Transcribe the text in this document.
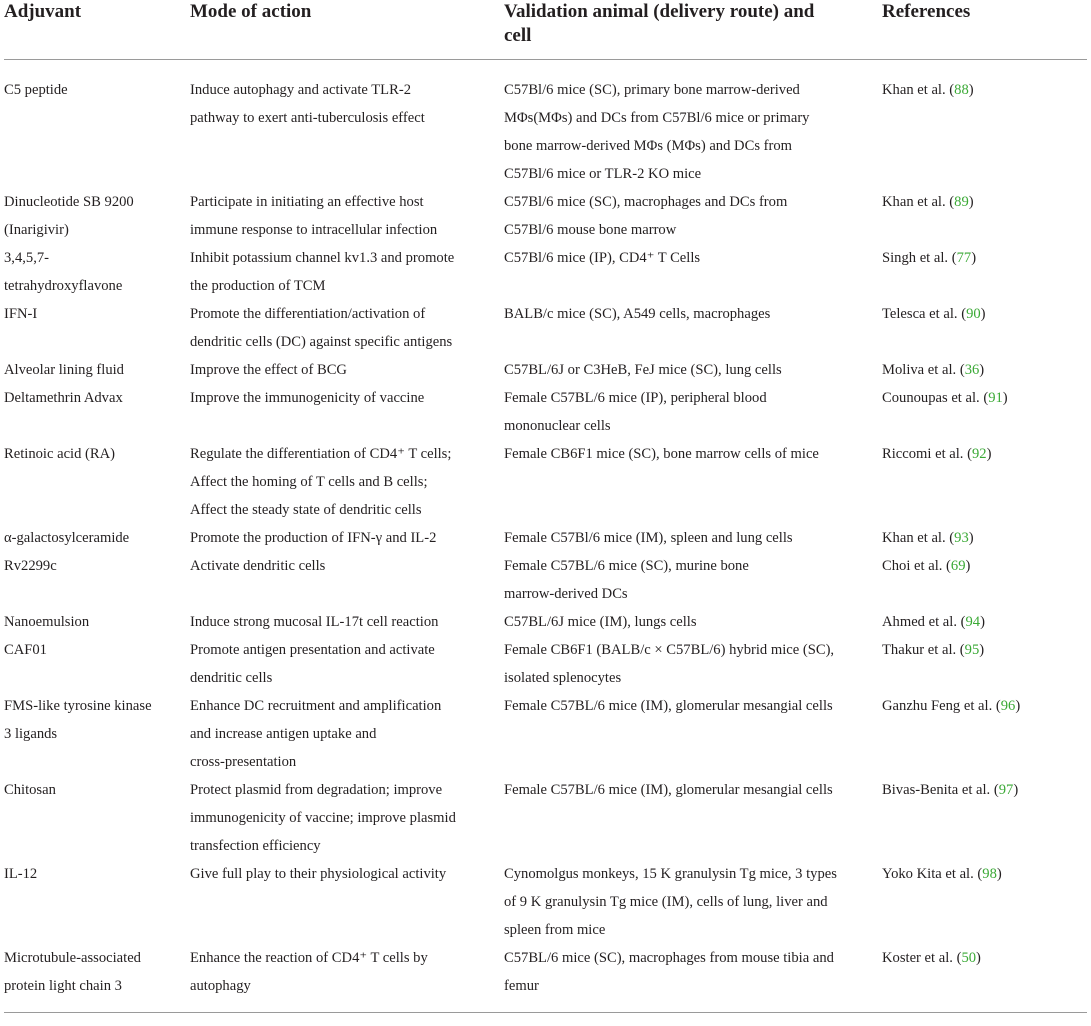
Adjuvant	Mode of action	Validation animal (delivery route) and
cell	References

C5 peptide	Induce autophagy and activate TLR-2
pathway to exert anti-tuberculosis effect	C57Bl/6 mice (SC), primary bone marrow-derived
MΦs(MΦs) and DCs from C57Bl/6 mice or primary
bone marrow-derived MΦs (MΦs) and DCs from
C57Bl/6 mice or TLR-2 KO mice	Khan et al. (88)

Dinucleotide SB 9200
(Inarigivir)	Participate in initiating an effective host
immune response to intracellular infection	C57Bl/6 mice (SC), macrophages and DCs from
C57Bl/6 mouse bone marrow	Khan et al. (89)

3,4,5,7-
tetrahydroxyflavone	Inhibit potassium channel kv1.3 and promote
the production of TCM	C57Bl/6 mice (IP), CD4⁺ T Cells	Singh et al. (77)

IFN-I	Promote the differentiation/activation of
dendritic cells (DC) against specific antigens	BALB/c mice (SC), A549 cells, macrophages	Telesca et al. (90)

Alveolar lining fluid	Improve the effect of BCG	C57BL/6J or C3HeB, FeJ mice (SC), lung cells	Moliva et al. (36)

Deltamethrin Advax	Improve the immunogenicity of vaccine	Female C57BL/6 mice (IP), peripheral blood
mononuclear cells	Counoupas et al. (91)

Retinoic acid (RA)	Regulate the differentiation of CD4⁺ T cells;
Affect the homing of T cells and B cells;
Affect the steady state of dendritic cells	Female CB6F1 mice (SC), bone marrow cells of mice	Riccomi et al. (92)

α-galactosylceramide	Promote the production of IFN-γ and IL-2	Female C57Bl/6 mice (IM), spleen and lung cells	Khan et al. (93)

Rv2299c	Activate dendritic cells	Female C57BL/6 mice (SC), murine bone
marrow-derived DCs	Choi et al. (69)

Nanoemulsion	Induce strong mucosal IL-17t cell reaction	C57BL/6J mice (IM), lungs cells	Ahmed et al. (94)

CAF01	Promote antigen presentation and activate
dendritic cells	Female CB6F1 (BALB/c × C57BL/6) hybrid mice (SC),
isolated splenocytes	Thakur et al. (95)

FMS-like tyrosine kinase
3 ligands	Enhance DC recruitment and amplification
and increase antigen uptake and
cross-presentation	Female C57BL/6 mice (IM), glomerular mesangial cells	Ganzhu Feng et al. (96)

Chitosan	Protect plasmid from degradation; improve
immunogenicity of vaccine; improve plasmid
transfection efficiency	Female C57BL/6 mice (IM), glomerular mesangial cells	Bivas-Benita et al. (97)

IL-12	Give full play to their physiological activity	Cynomolgus monkeys, 15 K granulysin Tg mice, 3 types
of 9 K granulysin Tg mice (IM), cells of lung, liver and
spleen from mice	Yoko Kita et al. (98)

Microtubule-associated
protein light chain 3	Enhance the reaction of CD4⁺ T cells by
autophagy	C57BL/6 mice (SC), macrophages from mouse tibia and
femur	Koster et al. (50)
